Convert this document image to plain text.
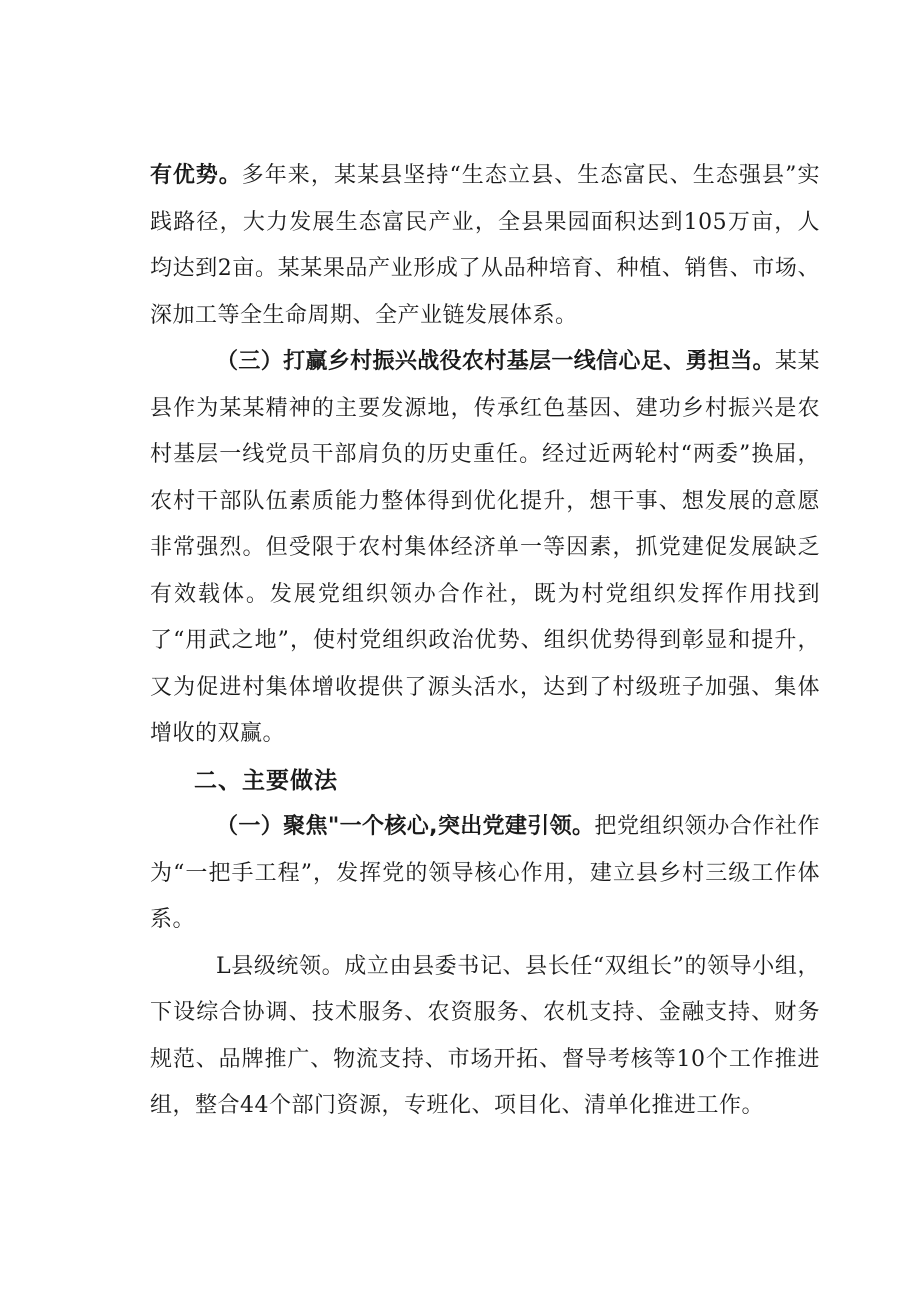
有优势。多年来，某某县坚持“生态立县、生态富民、生态强县”实践路径，大力发展生态富民产业，全县果园面积达到105万亩，人均达到2亩。某某果品产业形成了从品种培育、种植、销售、市场、深加工等全生命周期、全产业链发展体系。

（三）打赢乡村振兴战役农村基层一线信心足、勇担当。某某县作为某某精神的主要发源地，传承红色基因、建功乡村振兴是农村基层一线党员干部肩负的历史重任。经过近两轮村“两委”换届，农村干部队伍素质能力整体得到优化提升，想干事、想发展的意愿非常强烈。但受限于农村集体经济单一等因素，抓党建促发展缺乏有效载体。发展党组织领办合作社，既为村党组织发挥作用找到了“用武之地”，使村党组织政治优势、组织优势得到彰显和提升，又为促进村集体增收提供了源头活水，达到了村级班子加强、集体增收的双赢。

二、主要做法

（一）聚焦"一个核心,突出党建引领。把党组织领办合作社作为“一把手工程”，发挥党的领导核心作用，建立县乡村三级工作体系。

L县级统领。成立由县委书记、县长任“双组长”的领导小组，下设综合协调、技术服务、农资服务、农机支持、金融支持、财务规范、品牌推广、物流支持、市场开拓、督导考核等10个工作推进组，整合44个部门资源，专班化、项目化、清单化推进工作。
